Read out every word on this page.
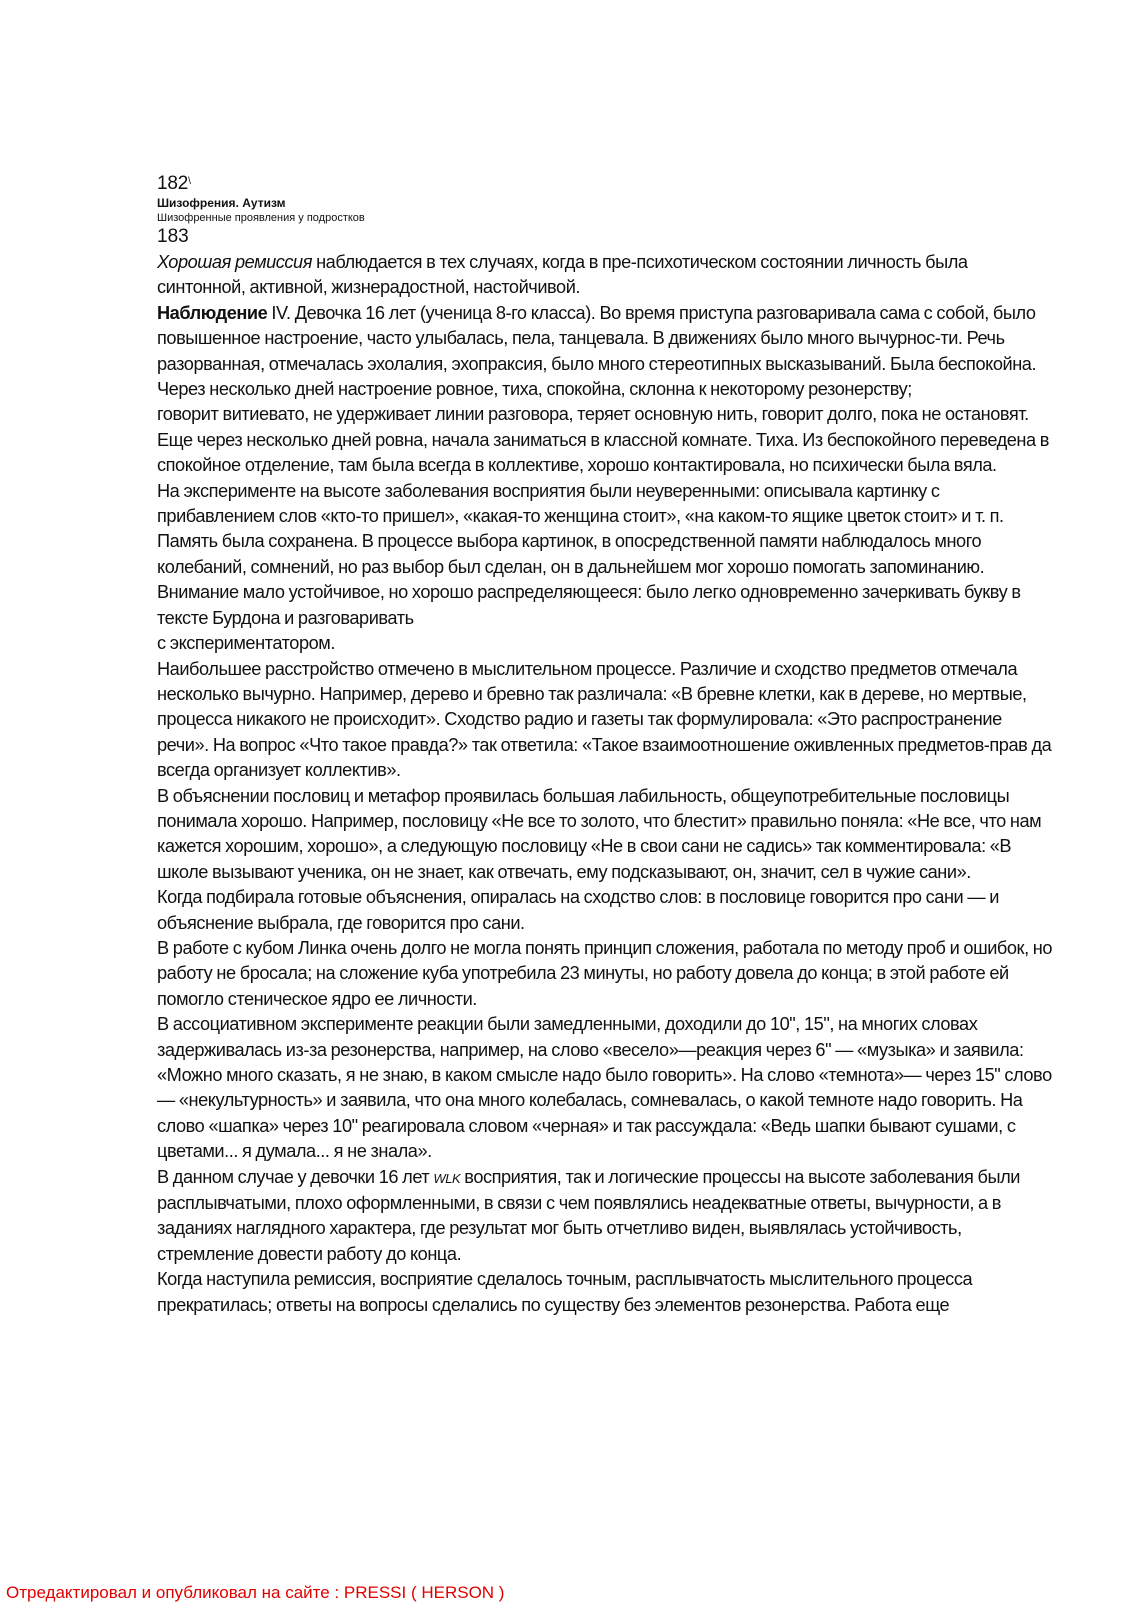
182\
Шизофрения. Аутизм
Шизофренные проявления у подростков
183

Хорошая ремиссия наблюдается в тех случаях, когда в пре-психотическом состоянии личность была синтонной, активной, жизнерадостной, настойчивой.

Наблюдение IV. Девочка 16 лет (ученица 8-го класса). Во время приступа разговаривала сама с собой, было повышенное настроение, часто улыбалась, пела, танцевала. В движениях было много вычурнос-ти. Речь разорванная, отмечалась эхолалия, эхопраксия, было много стереотипных высказываний. Была беспокойна. Через несколько дней настроение ровное, тиха, спокойна, склонна к некоторому резонерству;

говорит витиевато, не удерживает линии разговора, теряет основную нить, говорит долго, пока не остановят. Еще через несколько дней ровна, начала заниматься в классной комнате. Тиха. Из беспокойного переведена в спокойное отделение, там была всегда в коллективе, хорошо контактировала, но психически была вяла.

На эксперименте на высоте заболевания восприятия были неуверенными: описывала картинку с прибавлением слов «кто-то пришел», «какая-то женщина стоит», «на каком-то ящике цветок стоит» и т. п. Память была сохранена. В процессе выбора картинок, в опосредственной памяти наблюдалось много колебаний, сомнений, но раз выбор был сделан, он в дальнейшем мог хорошо помогать запоминанию. Внимание мало устойчивое, но хорошо распределяющееся: было легко одновременно зачеркивать букву в тексте Бурдона и разговаривать

с экспериментатором.

Наибольшее расстройство отмечено в мыслительном процессе. Различие и сходство предметов отмечала несколько вычурно. Например, дерево и бревно так различала: «В бревне клетки, как в дереве, но мертвые, процесса никакого не происходит». Сходство радио и газеты так формулировала: «Это распространение речи». На вопрос «Что такое правда?» так ответила: «Такое взаимоотношение оживленных предметов-прав да всегда организует коллектив».

В объяснении пословиц и метафор проявилась большая лабильность, общеупотребительные пословицы понимала хорошо. Например, пословицу «Не все то золото, что блестит» правильно поняла: «Не все, что нам кажется хорошим, хорошо», а следующую пословицу «Не в свои сани не садись» так комментировала: «В школе вызывают ученика, он не знает, как отвечать, ему подсказывают, он, значит, сел в чужие сани».

Когда подбирала готовые объяснения, опиралась на сходство слов: в пословице говорится про сани — и объяснение выбрала, где говорится про сани.

В работе с кубом Линка очень долго не могла понять принцип сложения, работала по методу проб и ошибок, но работу не бросала; на сложение куба употребила 23 минуты, но работу довела до конца; в этой работе ей помогло стеническое ядро ее личности.

В ассоциативном эксперименте реакции были замедленными, доходили до 10", 15", на многих словах задерживалась из-за резонерства, например, на слово «весело»—реакция через 6" — «музыка» и заявила: «Можно много сказать, я не знаю, в каком смысле надо было говорить». На слово «темнота»— через 15" слово— «некультурность» и заявила, что она много колебалась, сомневалась, о какой темноте надо говорить. На слово «шапка» через 10" реагировала словом «черная» и так рассуждала: «Ведь шапки бывают сушами, с цветами... я думала... я не знала».

В данном случае у девочки 16 лет WLK восприятия, так и логические процессы на высоте заболевания были расплывчатыми, плохо оформленными, в связи с чем появлялись неадекватные ответы, вычурности, а в заданиях наглядного характера, где результат мог быть отчетливо виден, выявлялась устойчивость, стремление довести работу до конца.

Когда наступила ремиссия, восприятие сделалось точным, расплывчатость мыслительного процесса прекратилась; ответы на вопросы сделались по существу без элементов резонерства. Работа еще

Отредактировал и опубликовал на сайте : PRESSI ( HERSON )
